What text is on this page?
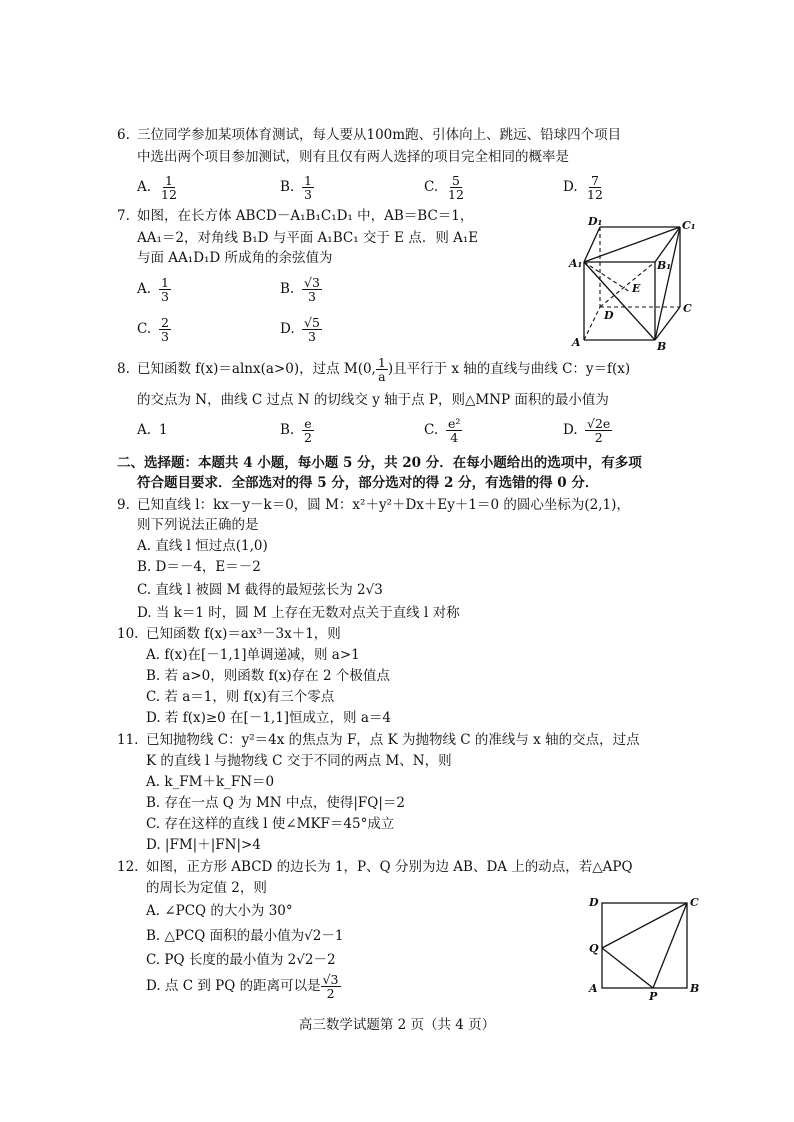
6. 三位同学参加某项体育测试，每人要从100m跑、引体向上、跳远、铅球四个项目
中选出两个项目参加测试，则有且仅有两人选择的项目完全相同的概率是
A. $\frac{1}{12}$	B. $\frac{1}{3}$	C. $\frac{5}{12}$	D. $\frac{7}{12}$
7. 如图，在长方体 ABCD－A₁B₁C₁D₁ 中，AB＝BC＝1，
AA₁＝2，对角线 B₁D 与平面 A₁BC₁ 交于 E 点．则 A₁E
与面 AA₁D₁D 所成角的余弦值为
A. $\frac{1}{3}$	B. $\frac{√3}{3}$
C. $\frac{2}{3}$	D. $\frac{√5}{3}$
D₁	C₁
A₁	B₁
E
D
C
A	B
8. 已知函数 f(x)＝alnx(a>0)，过点 M(0, $\frac{1}{a}$ )且平行于 x 轴的直线与曲线 C：y＝f(x)
的交点为 N，曲线 C 过点 N 的切线交 y 轴于点 P，则△MNP 面积的最小值为
A. 1	B. $\frac{e}{2}$	C. $\frac{\text{e²}}{4}$	D. $\frac{√2e}{2}$
二、选择题：本题共 4 小题，每小题 5 分，共 20 分．在每小题给出的选项中，有多项
符合题目要求．全部选对的得 5 分，部分选对的得 2 分，有选错的得 0 分．
9. 已知直线 l：kx－y－k＝0，圆 M：x²＋y²＋Dx＋Ey＋1＝0 的圆心坐标为(2,1)，
则下列说法正确的是
A. 直线 l 恒过点(1,0)
B. D＝－4，E＝－2
C. 直线 l 被圆 M 截得的最短弦长为 2√3
D. 当 k＝1 时，圆 M 上存在无数对点关于直线 l 对称
10. 已知函数 f(x)＝ax³－3x＋1，则
A. f(x)在[－1,1]单调递减，则 a>1
B. 若 a>0，则函数 f(x)存在 2 个极值点
C. 若 a＝1，则 f(x)有三个零点
D. 若 f(x)≥0 在[－1,1]恒成立，则 a＝4
11. 已知抛物线 C：y²＝4x 的焦点为 F，点 K 为抛物线 C 的准线与 x 轴的交点，过点
K 的直线 l 与抛物线 C 交于不同的两点 M、N，则
A. k_FM＋k_FN＝0
B. 存在一点 Q 为 MN 中点，使得|FQ|＝2
C. 存在这样的直线 l 使∠MKF＝45°成立
D. |FM|＋|FN|>4
12. 如图，正方形 ABCD 的边长为 1，P、Q 分别为边 AB、DA 上的动点，若△APQ
的周长为定值 2，则
A. ∠PCQ 的大小为 30°
B. △PCQ 面积的最小值为√2－1
C. PQ 长度的最小值为 2√2－2
D. 点 C 到 PQ 的距离可以是 $\frac{√3}{2}$
D	C
Q
A
P
B
高三数学试题第 2 页（共 4 页）
